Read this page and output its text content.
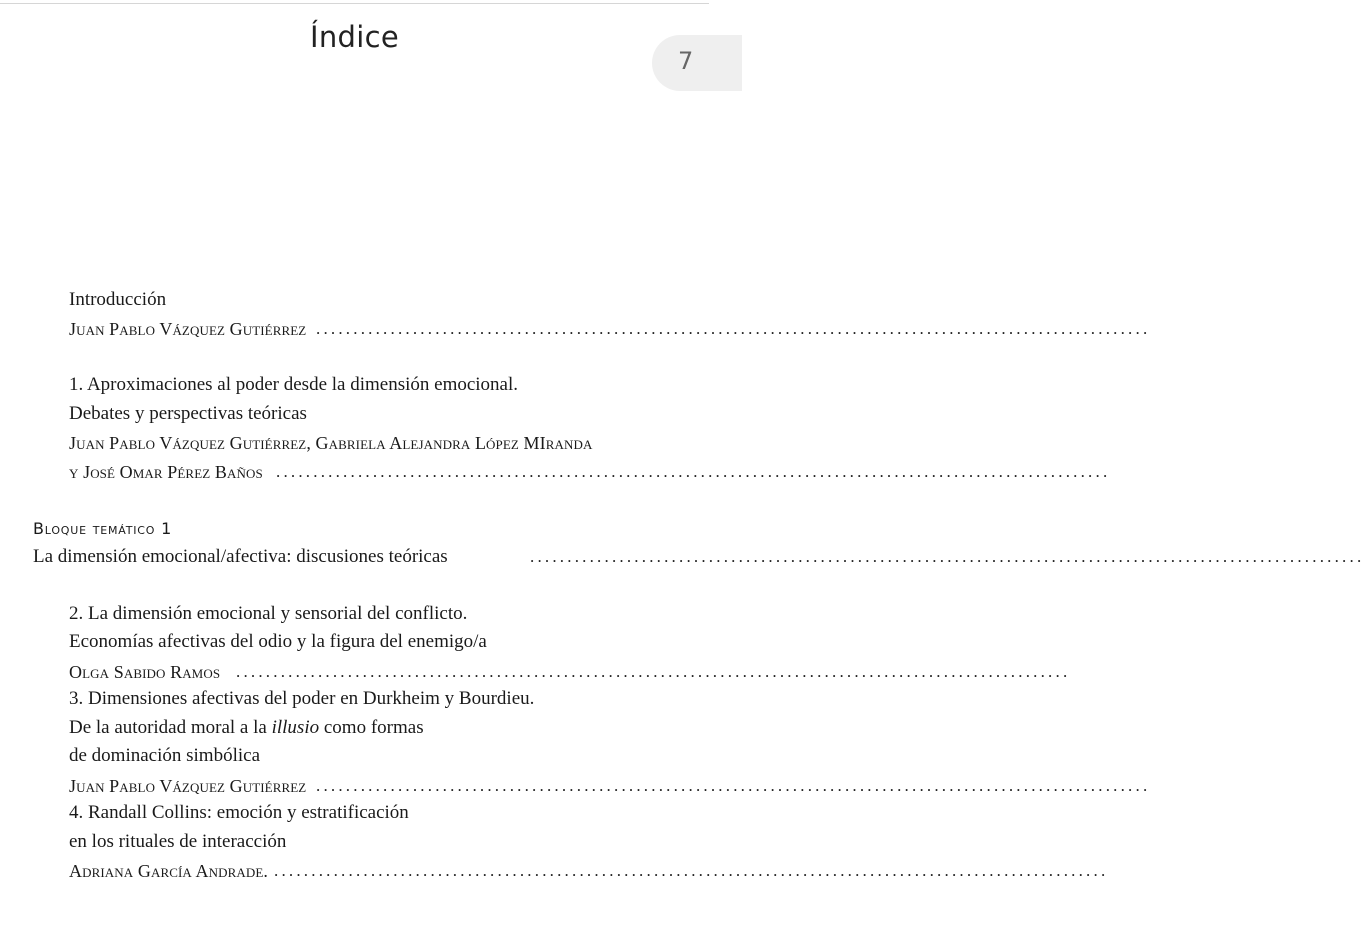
Índice
7
Introducción
Juan Pablo Vázquez Gutiérrez ................................................................................................................
1. Aproximaciones al poder desde la dimensión emocional.
Debates y perspectivas teóricas
Juan Pablo Vázquez Gutiérrez, Gabriela Alejandra López MIranda
y José Omar Pérez Baños ................................................................................................................
Bloque temático 1
La dimensión emocional/afectiva: discusiones teóricas	................................................................................................................
2. La dimensión emocional y sensorial del conflicto.
Economías afectivas del odio y la figura del enemigo/a
Olga Sabido Ramos ................................................................................................................
3. Dimensiones afectivas del poder en Durkheim y Bourdieu.
De la autoridad moral a la illusio como formas
de dominación simbólica
Juan Pablo Vázquez Gutiérrez ................................................................................................................
4. Randall Collins: emoción y estratificación
en los rituales de interacción
Adriana García Andrade. ................................................................................................................
